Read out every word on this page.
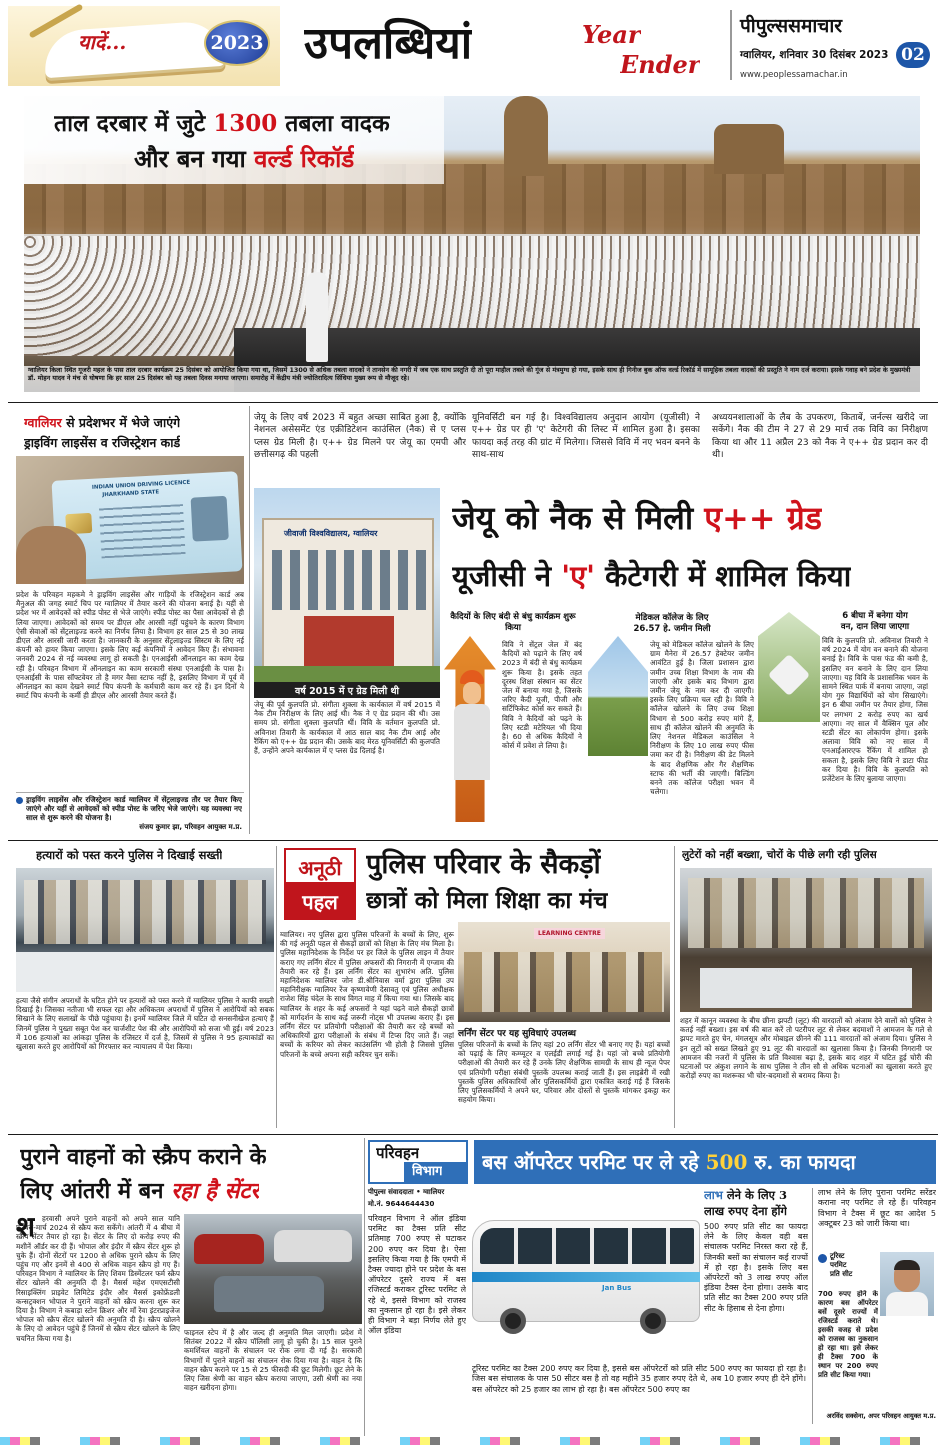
यादें...	2023 उपलब्धियां	Year
Ender
पीपुल्ससमाचार
ग्वालियर, शनिवार 30 दिसंबर 2023 02
www.peoplessamachar.in
ताल दरबार में जुटे 1300 तबला वादक
और बन गया वर्ल्ड रिकॉर्ड
ग्वालियर किला स्थित गूजरी महल के पास ताल दरबार कार्यक्रम 25 दिसंबर को आयोजित किया गया था, जिसमें 1300 से अधिक तबला वादकों ने तानसेन की नगरी में जब एक साथ प्रस्तुति दी तो पूरा माहौल तबले की गूंज से मंत्रमुग्ध हो गया, इसके साथ ही गिनीज बुक ऑफ वर्ल्ड रिकॉर्ड में सामूहिक तबला वादकों की प्रस्तुति ने नाम दर्ज कराया। इसके गवाह बने प्रदेश के मुख्यमंत्री डॉ. मोहन यादव ने मंच से घोषणा कि हर साल 25 दिसंबर को यह तबला दिवस मनाया जाएगा। समारोह में केंद्रीय मंत्री ज्योतिरादित्य सिंधिया मुख्य रूप से मौजूद रहे।
ग्वालियर से प्रदेशभर में भेजे जाएंगे
ड्राइविंग लाइसेंस व रजिस्ट्रेशन कार्ड
INDIAN UNION DRIVING LICENCE
JHARKHAND STATE
प्रदेश के परिवहन महकमे ने ड्राइविंग लाइसेंस और गाड़ियों के रजिस्ट्रेशन कार्ड अब मैनुअल की जगह स्मार्ट चिप पर ग्वालियर में तैयार करने की योजना बनाई है। यहीं से प्रदेश भर में आवेदकों को स्पीड पोस्ट से भेजे जाएंगे। स्पीड पोस्ट का पैसा आवेदकों से ही लिया जाएगा। आवेदकों को समय पर डीएल और आरसी नहीं पहुंचने के कारण विभाग ऐसी सेवाओं को सेंट्रलाइज्ड करने का निर्णय लिया है। विभाग हर साल 25 से 30 लाख डीएल और आरसी जारी करता है। जानकारी के अनुसार सेंट्रलाइज्ड सिस्टम के लिए नई कंपनी को हायर किया जाएगा। इसके लिए कई कंपनियों ने आवेदन किए हैं। संभावना जनवरी 2024 से नई व्यवस्था लागू हो सकती है। एनआईसी ऑनलाइन का काम देख रही है। परिवहन विभाग में ऑनलाइन का काम सरकारी संस्था एनआईसी के पास है। एनआईसी के पास सॉफ्टवेयर तो है मगर वैसा स्टाफ नहीं है, इसलिए विभाग में पूर्व में ऑनलाइन का काम देखने स्मार्ट चिप कंपनी के कर्मचारी काम कर रहे हैं। इन दिनों ये स्मार्ट चिप कंपनी के कर्मी ही डीएल और आरसी तैयार करते हैं।
ड्राइविंग लाइसेंस और रजिस्ट्रेशन कार्ड ग्वालियर में सेंट्रलाइज्ड तौर पर तैयार किए जाएंगे और यहीं से आवेदकों को स्पीड पोस्ट के जरिए भेजे जाएंगे। यह व्यवस्था नए साल से शुरू करने की योजना है।
संजय कुमार झा, परिवहन आयुक्त म.प्र.
जेयू के लिए वर्ष 2023 में बहुत अच्छा साबित हुआ है, क्योंकि नेशनल असेसमेंट एंड एक्रीडिटेशन काउंसिल (नैक) से ए प्लस प्लस ग्रेड मिली है। ए++ ग्रेड मिलने पर जेयू का एमपी और छत्तीसगढ़ की पहली
यूनिवर्सिटी बन गई है। विश्वविद्यालय अनुदान आयोग (यूजीसी) ने ए++ ग्रेड पर ही 'ए' केटेगरी की लिस्ट में शामिल हुआ है। इसका फायदा कई तरह की ग्रांट में मिलेगा। जिससे विवि में नए भवन बनने के साथ-साथ
अध्ययनशालाओं के लैब के उपकरण, किताबें, जर्नल्स खरीदे जा सकेंगे। नैक की टीम ने 27 से 29 मार्च तक विवि का निरीक्षण किया था और 11 अप्रैल 23 को नैक ने ए++ ग्रेड प्रदान कर दी थी।
जीवाजी विश्वविद्यालय, ग्वालियर
वर्ष 2015 में ए ग्रेड मिली थी
जेयू की पूर्व कुलपति प्रो. संगीता शुक्ला के कार्यकाल में वर्ष 2015 में नैक टीम निरीक्षण के लिए आई थी। नैक ने ए ग्रेड प्रदान की थी। उस समय प्रो. संगीता शुक्ला कुलपति थीं। विवि के वर्तमान कुलपति प्रो. अविनाश तिवारी के कार्यकाल में आठ साल बाद नैक टीम आई और रैंकिंग को ए++ ग्रेड प्रदान की। उसके बाद मेरठ यूनिवर्सिटी की कुलपति हैं, उन्होंने अपने कार्यकाल में ए प्लस ग्रेड दिलाई है।
जेयू को नैक से मिली ए++ ग्रेड
यूजीसी ने 'ए' कैटेगरी में शामिल किया
कैदियों के लिए बंदी से बंधु कार्यक्रम शुरू किया
विवि ने सेंट्रल जेल में बंद कैदियों को पढ़ाने के लिए वर्ष 2023 में बंदी से बंधु कार्यक्रम शुरू किया है। इसके तहत दूरस्थ शिक्षा संस्थान का सेंटर जेल में बनाया गया है, जिसके जरिए कैदी यूजी, पीजी और सर्टिफिकेट कोर्स कर सकते हैं। विवि ने कैदियों को पढ़ने के लिए स्टडी मटेरियल भी दिया है। 60 से अधिक कैदियों ने कोर्स में प्रवेश ले लिया है।
मेडिकल कॉलेज के लिए
26.57 हे. जमीन मिली
जेयू को मेडिकल कॉलेज खोलने के लिए ग्राम मैनेरा में 26.57 हेक्टेयर जमीन आवंटित हुई है। जिला प्रशासन द्वारा जमीन उच्च शिक्षा विभाग के नाम की जाएगी और इसके बाद विभाग द्वारा जमीन जेयू के नाम कर दी जाएगी। इसके लिए प्रक्रिया चल रही है। विवि ने कॉलेज खोलने के लिए उच्च शिक्षा विभाग से 500 करोड़ रुपए मांगे हैं, साथ ही कॉलेज खोलने की अनुमति के लिए नेशनल मेडिकल काउंसिल ने निरीक्षण के लिए 10 लाख रुपए फीस जमा कर दी है। निरीक्षण की डेट मिलने के बाद शैक्षणिक और गैर शैक्षणिक स्टाफ की भर्ती की जाएगी। बिल्डिंग बनने तक कॉलेज परीक्षा भवन में चलेगा।
6 बीघा में बनेगा योग
वन, दान लिया जाएगा
विवि के कुलपति प्रो. अविनाश तिवारी ने वर्ष 2024 में योग वन बनाने की योजना बनाई है। विवि के पास फंड की कमी है, इसलिए वन बनाने के लिए दान लिया जाएगा। यह विवि के प्रशासनिक भवन के सामने स्थित पार्क में बनाया जाएगा, जहां योग गुरु विद्यार्थियों को योग सिखाएंगे। इन 6 बीघा जमीन पर तैयार होगा, जिस पर लगभग 2 करोड़ रुपए का खर्च आएगा। नए साल में वैक्सिन पूल और स्टडी सेंटर का लोकार्पण होगा। इसके अलावा विवि को नए साल में एनआईआरएफ रैंकिंग में शामिल हो सकता है, इसके लिए विवि ने डाटा फीड कर दिया है। विवि के कुलपति को प्रजेंटेशन के लिए बुलाया जाएगा।
हत्यारों को पस्त करने पुलिस ने दिखाई सख्ती
हत्या जैसे संगीन अपराधों के घटित होने पर हत्यारों को पस्त करने में ग्वालियर पुलिस ने काफी सख्ती दिखाई है। जिसका नतीजा भी सफल रहा और अधिकतम अपराधों में पुलिस ने आरोपियों को सबक सिखाने के लिए सलाखों के पीछे पहुंचाया है। इनमें ग्वालियर जिले में घटित दो सनसनीखेज हत्याएं हैं जिनमें पुलिस ने पुख्ता सबूत पेश कर चार्जशीट पेश की और आरोपियों को सजा भी हुई। वर्ष 2023 में 106 हत्याओं का आंकड़ा पुलिस के रजिस्टर में दर्ज है, जिसमें से पुलिस ने 95 हत्याकांडों का खुलासा करते हुए आरोपियों को गिरफ्तार कर न्यायालय में पेश किया।
अनूठी
पहल
पुलिस परिवार के सैकड़ों
छात्रों को मिला शिक्षा का मंच
ग्वालियर। नए पुलिस द्वारा पुलिस परिजनों के बच्चों के लिए, शुरू की गई अनूठी पहल से सैकड़ों छात्रों को शिक्षा के लिए मंच मिला है। पुलिस महानिदेशक के निर्देश पर हर जिले के पुलिस लाइन में तैयार कराए गए लर्निंग सेंटर में पुलिस अफसरों की निगरानी में एग्जाम की तैयारी कर रहे हैं। इस लर्निंग सेंटर का शुभारंभ अति. पुलिस महानिदेशक ग्वालियर जोन डी.श्रीनिवास वर्मा द्वारा पुलिस उप महानिरीक्षक ग्वालियर रेंज कृष्णावेणी देसावतु एवं पुलिस अधीक्षक राजेश सिंह चंदेल के साथ विगत माह में किया गया था। जिसके बाद ग्वालियर के शहर के कई अफसरों ने यहां पढ़ने वाले सैकड़ों छात्रों को मार्गदर्शन के साथ कई जरूरी नोट्स भी उपलब्ध कराए हैं। इस लर्निंग सेंटर पर प्रतियोगी परीक्षाओं की तैयारी कर रहे बच्चों को अधिकारियों द्वारा परीक्षाओं के संबंध में टिप्स दिए जाते हैं। जहां बच्चों के करियर को लेकर काउंसलिंग भी होती है जिससे पुलिस परिजनों के बच्चे अपना सही करियर चुन सकें।
LEARNING CENTRE
लर्निंग सेंटर पर यह सुविधाएं उपलब्ध
पुलिस परिजनों के बच्चों के लिए यहां 20 लर्निंग सेंटर भी बनाए गए हैं। यहां बच्चों को पढ़ाई के लिए कम्प्यूटर व एलईडी लगाई गई है। यहां जो बच्चे प्रतियोगी परीक्षाओं की तैयारी कर रहे हैं उनके लिए शैक्षणिक सामग्री के साथ ही न्यूज पेपर एवं प्रतियोगी परीक्षा संबंधी पुस्तकें उपलब्ध कराई जाती हैं। इस लाइब्रेरी में रखी पुस्तकें पुलिस अधिकारियों और पुलिसकर्मियों द्वारा एकत्रित कराई गई हैं जिसके लिए पुलिसकर्मियों ने अपने घर, परिवार और दोस्तों से पुस्तकें मांगकर इकट्ठा कर सहयोग किया।
लुटेरों को नहीं बख्शा, चोरों के पीछे लगी रही पुलिस
शहर में कानून व्यवस्था के बीच छीना झपटी (लूट) की वारदातों को अंजाम देने वालों को पुलिस ने कतई नहीं बख्शा। इस वर्ष की बात करें तो पटरीपर लूट से लेकर बदमाशों ने आमजन के गले से झपट मारते हुए चेन, मंगलसूत्र और मोबाइल छीनने की 111 वारदातों को अंजाम दिया। पुलिस ने इन लूटों को सख्त लिखते हुए 91 लूट की वारदातों का खुलासा किया है। जिनकी निगरानी पर आमजन की नजरों में पुलिस के प्रति विश्वास बढ़ा है, इसके बाद शहर में घटित हुई चोरी की घटनाओं पर अंकुश लगाने के साथ पुलिस ने तीन सौ से अधिक घटनाओं का खुलासा करते हुए करोड़ों रुपए का मशरूका भी चोर-बदमाशों से बरामद किया है।
पुराने वाहनों को स्क्रैप कराने के
लिए आंतरी में बन रहा है सेंटर
श हरवासी अपने पुराने वाहनों को अपने साल यानि फरवरी-मार्च 2024 से स्क्रैप करा सकेंगे। आंतरी में 4 बीघा में स्क्रैप सेंटर तैयार हो रहा है। सेंटर के लिए दो करोड़ रुपए की मशीनें ऑर्डर कर दी हैं। भोपाल और इंदौर में स्क्रैप सेंटर शुरू हो चुके हैं। दोनों सेंटरों पर 1200 से अधिक पुराने स्क्रैप के लिए पहुंच गए और इनमें से 400 से अधिक वाहन स्क्रैप हो गए हैं। परिवहन विभाग ने ग्वालियर के लिए शिवम डिस्मेंटलर फर्म स्क्रैप सेंटर खोलने की अनुमति दी है। मैसर्स महेश एमएसटीसी रिसाइक्लिंग प्राइवेट लिमिटेड इंदौर और मैसर्स इकोफ्रेंडली कन्सट्रक्शन भोपाल ने पुराने वाहनों को स्क्रैप करना शुरू कर दिया है। विभाग ने कबाड़ा स्टोन क्रिशर और माँ रेवा इंटरप्राइजेज भोपाल को स्क्रैप सेंटर खोलने की अनुमति दी है। स्क्रैप खोलने के लिए दो आवेदन पहुंचे हैं जिनमें से स्क्रैप सेंटर खोलने के लिए चयनित किया गया है।
फाइनल स्टेप में है और जल्द ही अनुमति मिल जाएगी। प्रदेश में सितंबर 2022 में स्क्रैप पॉलिसी लागू हो चुकी है। 15 साल पुराने कमर्शियल वाहनों के संचालन पर रोक लगा दी गई है। सरकारी विभागों में पुराने वाहनों का संचालन रोक दिया गया है। वाहन दे कि वाहन स्क्रैप कराने पर 15 से 25 फीसदी की छूट मिलेगी। छूट लेने के लिए जिस श्रेणी का वाहन स्क्रैप कराया जाएगा, उसी श्रेणी का नया वाहन खरीदना होगा।
परिवहन
विभाग बस ऑपरेटर परमिट पर ले रहे 500 रु. का फायदा
पीपुल्स संवाददाता • ग्वालियर
मो.नं. 9644644430
परिवहन विभाग ने ऑल इंडिया परमिट का टैक्स प्रति सीट प्रतिमाह 700 रुपए से घटाकर 200 रुपए कर दिया है। ऐसा इसलिए किया गया है कि एमपी में टैक्स ज्यादा होने पर प्रदेश के बस ऑपरेटर दूसरे राज्य में बस रजिस्टर्ड कराकर टूरिस्ट परमिट ले रहे थे, इससे विभाग को राजस्व का नुकसान हो रहा है। इसे लेकर ही विभाग ने बड़ा निर्णय लेते हुए ऑल इंडिया
Jan Bus
टूरिस्ट परमिट का टैक्स 200 रुपए कर दिया है, इससे बस ऑपरेटरों को प्रति सीट 500 रुपए का फायदा हो रहा है। जिस बस संचालक के पास 50 सीटर बस है तो वह महीने 35 हजार रुपए देते थे, अब 10 हजार रुपए ही देने होंगे। बस ऑपरेटर को 25 हजार का लाभ हो रहा है। बस ऑपरेटर 500 रुपए का
लाभ लेने के लिए 3
लाख रुपए देना होंगे
500 रुपए प्रति सीट का फायदा लेने के लिए केवल वही बस संचालक परमिट निरस्त करा रहे हैं, जिनकी बसों का संचालन कई राज्यों में हो रहा है। इसके लिए बस ऑपरेटरों को 3 लाख रुपए ऑल इंडिया टैक्स देना होगा। उसके बाद प्रति सीट का टैक्स 200 रुपए प्रति सीट के हिसाब से देना होगा।
लाभ लेने के लिए पुराना परमिट सरेंडर कराना नए परमिट ले रहे हैं। परिवहन विभाग ने टैक्स में छूट का आदेश 5 अक्टूबर 23 को जारी किया था।
टूरिस्ट
परमिट
प्रति सीट
700 रुपए होने के कारण बस ऑपरेटर बसें दूसरे राज्यों में रजिस्टर्ड कराते थे। इसकी वजह से प्रदेश को राजस्व का नुकसान हो रहा था। इसे लेकर ही टैक्स 700 के स्थान पर 200 रुपए प्रति सीट किया गया।
अरविंद सक्सेना, अपर परिवहन आयुक्त म.प्र.
